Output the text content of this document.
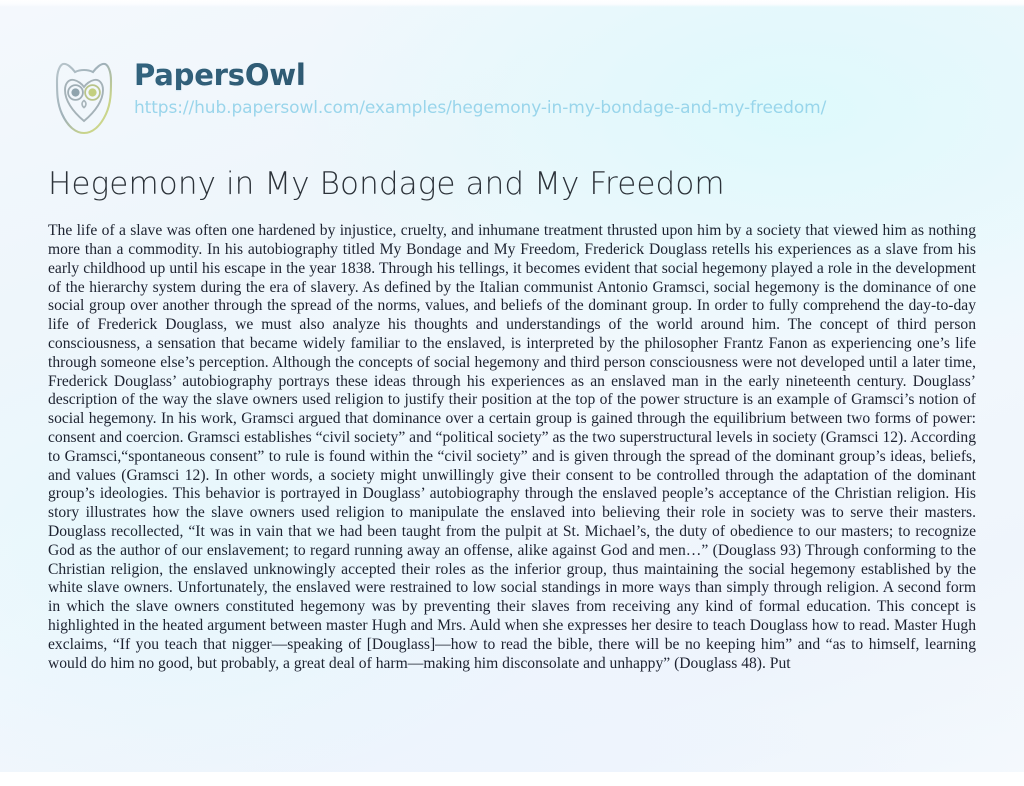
PapersOwl
https://hub.papersowl.com/examples/hegemony-in-my-bondage-and-my-freedom/
Hegemony in My Bondage and My Freedom

The life of a slave was often one hardened by injustice, cruelty, and inhumane treatment thrusted upon him by a society that viewed him as nothing more than a commodity. In his autobiography titled My Bondage and My Freedom, Frederick Douglass retells his experiences as a slave from his early childhood up until his escape in the year 1838. Through his tellings, it becomes evident that social hegemony played a role in the development of the hierarchy system during the era of slavery. As defined by the Italian communist Antonio Gramsci, social hegemony is the dominance of one social group over another through the spread of the norms, values, and beliefs of the dominant group. In order to fully comprehend the day-to-day life of Frederick Douglass, we must also analyze his thoughts and understandings of the world around him. The concept of third person consciousness, a sensation that became widely familiar to the enslaved, is interpreted by the philosopher Frantz Fanon as experiencing one’s life through someone else’s perception. Although the concepts of social hegemony and third person consciousness were not developed until a later time, Frederick Douglass’ autobiography portrays these ideas through his experiences as an enslaved man in the early nineteenth century. Douglass’ description of the way the slave owners used religion to justify their position at the top of the power structure is an example of Gramsci’s notion of social hegemony. In his work, Gramsci argued that dominance over a certain group is gained through the equilibrium between two forms of power: consent and coercion. Gramsci establishes “civil society” and “political society” as the two superstructural levels in society (Gramsci 12). According to Gramsci,“spontaneous consent” to rule is found within the “civil society” and is given through the spread of the dominant group’s ideas, beliefs, and values (Gramsci 12). In other words, a society might unwillingly give their consent to be controlled through the adaptation of the dominant group’s ideologies. This behavior is portrayed in Douglass’ autobiography through the enslaved people’s acceptance of the Christian religion. His story illustrates how the slave owners used religion to manipulate the enslaved into believing their role in society was to serve their masters. Douglass recollected, “It was in vain that we had been taught from the pulpit at St. Michael’s, the duty of obedience to our masters; to recognize God as the author of our enslavement; to regard running away an offense, alike against God and men…” (Douglass 93) Through conforming to the Christian religion, the enslaved unknowingly accepted their roles as the inferior group, thus maintaining the social hegemony established by the white slave owners. Unfortunately, the enslaved were restrained to low social standings in more ways than simply through religion. A second form in which the slave owners constituted hegemony was by preventing their slaves from receiving any kind of formal education. This concept is highlighted in the heated argument between master Hugh and Mrs. Auld when she expresses her desire to teach Douglass how to read. Master Hugh exclaims, “If you teach that nigger—speaking of [Douglass]—how to read the bible, there will be no keeping him” and “as to himself, learning would do him no good, but probably, a great deal of harm—making him disconsolate and unhappy” (Douglass 48). Put
